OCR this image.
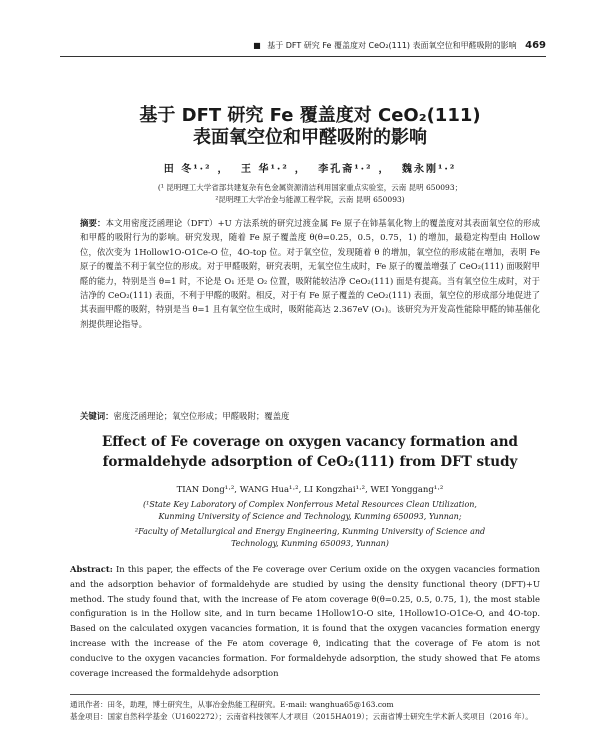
■ 基于 DFT 研究 Fe 覆盖度对 CeO₂(111) 表面氧空位和甲醛吸附的影响 469
基于 DFT 研究 Fe 覆盖度对 CeO₂(111)
表面氧空位和甲醛吸附的影响
田 冬¹·² ， 王 华¹·² ， 李孔斋¹·² ， 魏永刚¹·²
(¹ 昆明理工大学省部共建复杂有色金属资源清洁利用国家重点实验室，云南 昆明 650093；
²昆明理工大学冶金与能源工程学院，云南 昆明 650093)
摘要：本文用密度泛函理论（DFT）+U 方法系统的研究过渡金属 Fe 原子在铈基氧化物上的覆盖度对其表面氧空位的形成和甲醛的吸附行为的影响。研究发现，随着 Fe 原子覆盖度 θ(θ=0.25，0.5，0.75，1) 的增加，最稳定构型由 Hollow 位，依次变为 1Hollow1O-O1Ce-O 位，4O-top 位。对于氧空位，发现随着 θ 的增加，氧空位的形成能在增加，表明 Fe 原子的覆盖不利于氧空位的形成。对于甲醛吸附，研究表明，无氧空位生成时，Fe 原子的覆盖增强了 CeO₂(111) 面吸附甲醛的能力，特别是当 θ=1 时，不论是 O₁ 还是 O₂ 位置，吸附能较洁净 CeO₂(111) 面是有提高。当有氧空位生成时，对于洁净的 CeO₂(111) 表面，不利于甲醛的吸附。相反，对于有 Fe 原子覆盖的 CeO₂(111) 表面，氧空位的形成部分地促进了其表面甲醛的吸附，特别是当 θ=1 且有氧空位生成时，吸附能高达 2.367eV (O₁)。该研究为开发高性能除甲醛的铈基催化剂提供理论指导。
关键词：密度泛函理论；氧空位形成；甲醛吸附；覆盖度
Effect of Fe coverage on oxygen vacancy formation and
formaldehyde adsorption of CeO₂(111) from DFT study
TIAN Dong¹·², WANG Hua¹·², LI Kongzhai¹·², WEI Yonggang¹·²
(¹State Key Laboratory of Complex Nonferrous Metal Resources Clean Utilization,
Kunming University of Science and Technology, Kunming 650093, Yunnan;
²Faculty of Metallurgical and Energy Engineering, Kunming University of Science and
Technology, Kunming 650093, Yunnan)
Abstract: In this paper, the effects of the Fe coverage over Cerium oxide on the oxygen vacancies formation and the adsorption behavior of formaldehyde are studied by using the density functional theory (DFT)+U method. The study found that, with the increase of Fe atom coverage θ(θ=0.25, 0.5, 0.75, 1), the most stable configuration is in the Hollow site, and in turn became 1Hollow1O-O site, 1Hollow1O-O1Ce-O, and 4O-top. Based on the calculated oxygen vacancies formation, it is found that the oxygen vacancies formation energy increase with the increase of the Fe atom coverage θ, indicating that the coverage of Fe atom is not conducive to the oxygen vacancies formation. For formaldehyde adsorption, the study showed that Fe atoms coverage increased the formaldehyde adsorption
通讯作者：田冬，助理，博士研究生，从事冶金热能工程研究。E-mail: wanghua65@163.com
基金项目：国家自然科学基金（U1602272）；云南省科技领军人才项目（2015HA019）；云南省博士研究生学术新人奖项目（2016 年）。
